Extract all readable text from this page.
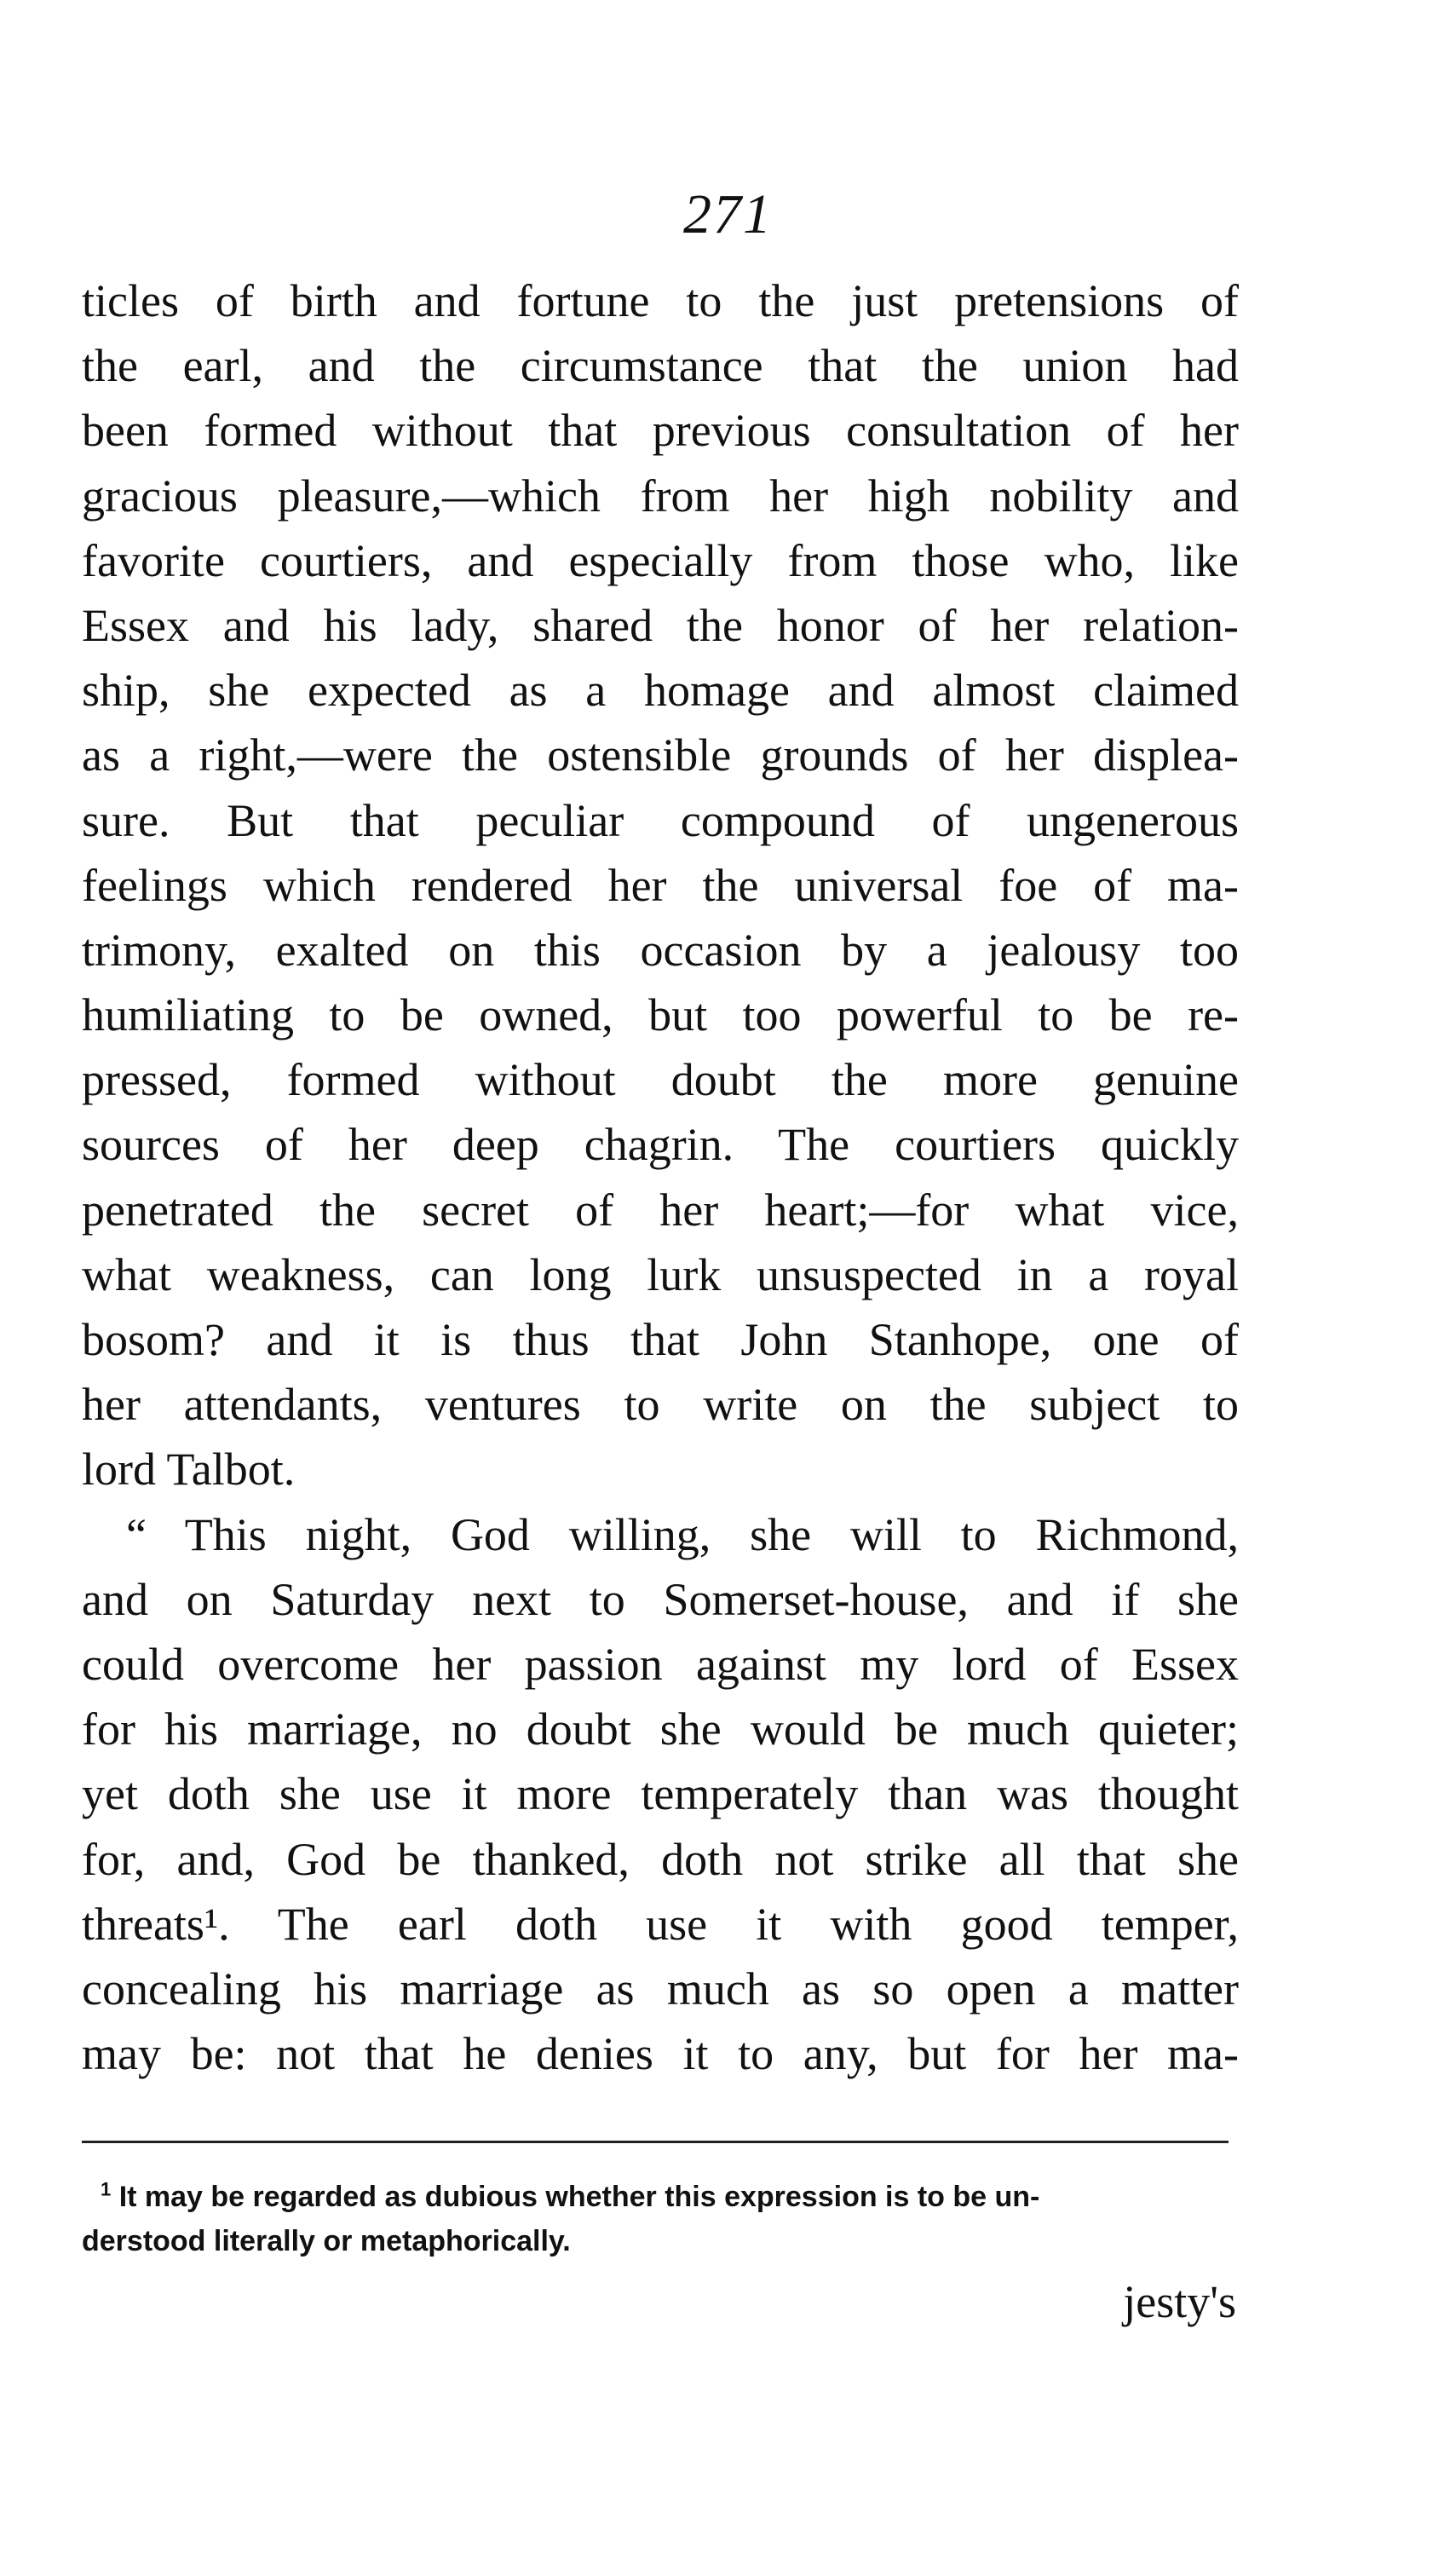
271
ticles of birth and fortune to the just pretensions of
the earl, and the circumstance that the union had
been formed without that previous consultation of her
gracious pleasure,—which from her high nobility and
favorite courtiers, and especially from those who, like
Essex and his lady, shared the honor of her relation-
ship, she expected as a homage and almost claimed
as a right,—were the ostensible grounds of her displea-
sure. But that peculiar compound of ungenerous
feelings which rendered her the universal foe of ma-
trimony, exalted on this occasion by a jealousy too
humiliating to be owned, but too powerful to be re-
pressed, formed without doubt the more genuine
sources of her deep chagrin. The courtiers quickly
penetrated the secret of her heart;—for what vice,
what weakness, can long lurk unsuspected in a royal
bosom? and it is thus that John Stanhope, one of
her attendants, ventures to write on the subject to
lord Talbot.
“ This night, God willing, she will to Richmond,
and on Saturday next to Somerset-house, and if she
could overcome her passion against my lord of Essex
for his marriage, no doubt she would be much quieter;
yet doth she use it more temperately than was thought
for, and, God be thanked, doth not strike all that she
threats¹. The earl doth use it with good temper,
concealing his marriage as much as so open a matter
may be: not that he denies it to any, but for her ma-
$^1$ It may be regarded as dubious whether this expression is to be un-
derstood literally or metaphorically.
jesty's
